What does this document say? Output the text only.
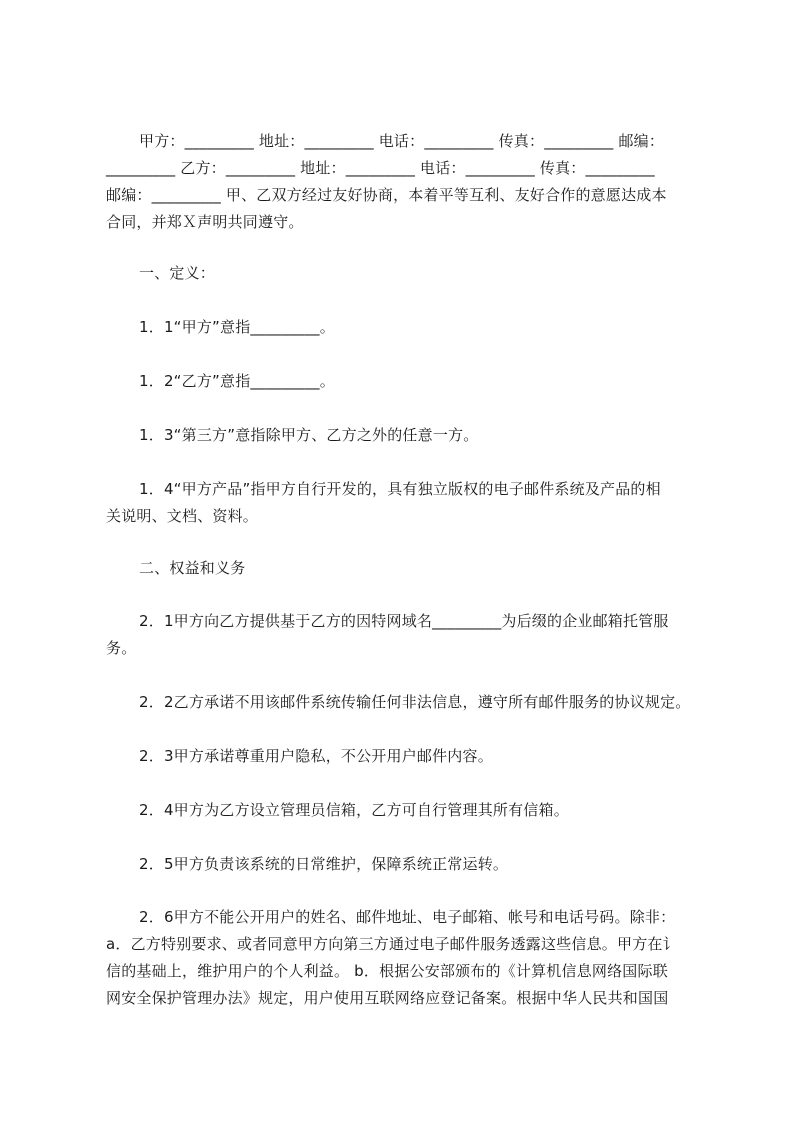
甲方：_________ 地址：_________ 电话：_________ 传真：_________ 邮编：
_________ 乙方：_________ 地址：_________ 电话：_________ 传真：_________
邮编：_________ 甲、乙双方经过友好协商，本着平等互利、友好合作的意愿达成本
合同，并郑Ｘ声明共同遵守。
一、定义：
1．1“甲方”意指_________。
1．2“乙方”意指_________。
1．3“第三方”意指除甲方、乙方之外的任意一方。
1．4“甲方产品”指甲方自行开发的，具有独立版权的电子邮件系统及产品的相
关说明、文档、资料。
二、权益和义务
2．1甲方向乙方提供基于乙方的因特网域名_________为后缀的企业邮箱托管服
务。
2．2乙方承诺不用该邮件系统传输任何非法信息，遵守所有邮件服务的协议规定。
2．3甲方承诺尊重用户隐私，不公开用户邮件内容。
2．4甲方为乙方设立管理员信箱，乙方可自行管理其所有信箱。
2．5甲方负责该系统的日常维护，保障系统正常运转。
2．6甲方不能公开用户的姓名、邮件地址、电子邮箱、帐号和电话号码。除非：
a．乙方特别要求、或者同意甲方向第三方通过电子邮件服务透露这些信息。甲方在讠
信的基础上，维护用户的个人利益。 b．根据公安部颁布的《计算机信息网络国际联
网安全保护管理办法》规定，用户使用互联网络应登记备案。根据中华人民共和国国
